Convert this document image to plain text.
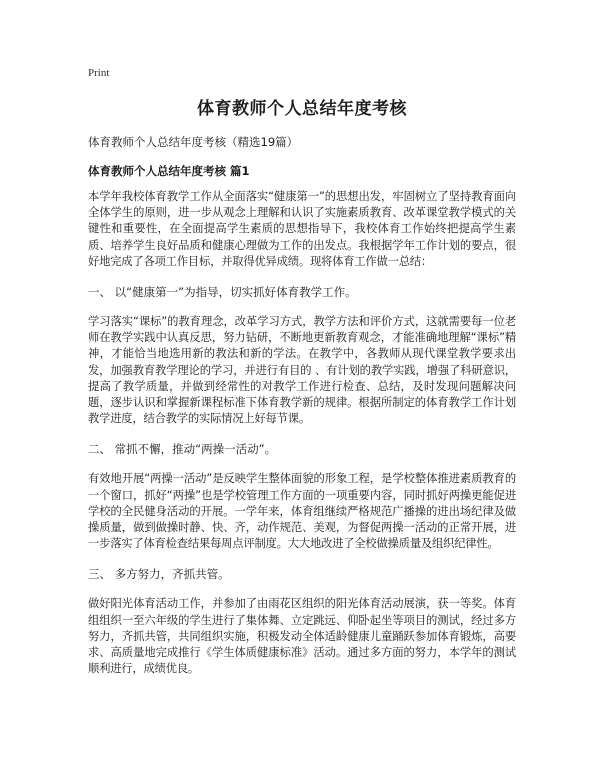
Print

体育教师个人总结年度考核

体育教师个人总结年度考核（精选19篇）

体育教师个人总结年度考核 篇1

本学年我校体育教学工作从全面落实“健康第一”的思想出发，牢固树立了坚持教育面向全体学生的原则，进一步从观念上理解和认识了实施素质教育、改革课堂教学模式的关键性和重要性，在全面提高学生素质的思想指导下，我校体育工作始终把提高学生素质、培养学生良好品质和健康心理做为工作的出发点。我根据学年工作计划的要点，很好地完成了各项工作目标，并取得优异成绩。现将体育工作做一总结：

一、 以“健康第一”为指导，切实抓好体育教学工作。

学习落实“课标”的教育理念，改革学习方式，教学方法和评价方式，这就需要每一位老师在教学实践中认真反思，努力钻研，不断地更新教育观念，才能准确地理解“课标”精神，才能恰当地选用新的教法和新的学法。在教学中，各教师从现代课堂教学要求出发，加强教育教学理论的学习，并进行有目的 、有计划的教学实践，增强了科研意识，提高了教学质量，并做到经常性的对教学工作进行检查、总结，及时发现问题解决问题，逐步认识和掌握新课程标准下体育教学新的规律。根据所制定的体育教学工作计划教学进度，结合教学的实际情况上好每节课。

二、 常抓不懈，推动“两操一活动”。

有效地开展“两操一活动”是反映学生整体面貌的形象工程，是学校整体推进素质教育的一个窗口，抓好“两操”也是学校管理工作方面的一项重要内容，同时抓好两操更能促进学校的全民健身活动的开展。一学年来，体育组继续严格规范广播操的进出场纪律及做操质量，做到做操时静、快、齐，动作规范、美观，为督促两操一活动的正常开展，进一步落实了体育检查结果每周点评制度。大大地改进了全校做操质量及组织纪律性。

三、 多方努力，齐抓共管。

做好阳光体育活动工作，并参加了由雨花区组织的阳光体育活动展演，获一等奖。体育组组织一至六年级的学生进行了集体舞、立定跳远、仰卧起坐等项目的测试，经过多方努力，齐抓共管，共同组织实施，积极发动全体适龄健康儿童踊跃参加体育锻炼，高要求、高质量地完成推行《学生体质健康标准》活动。通过多方面的努力，本学年的测试顺利进行，成绩优良。
